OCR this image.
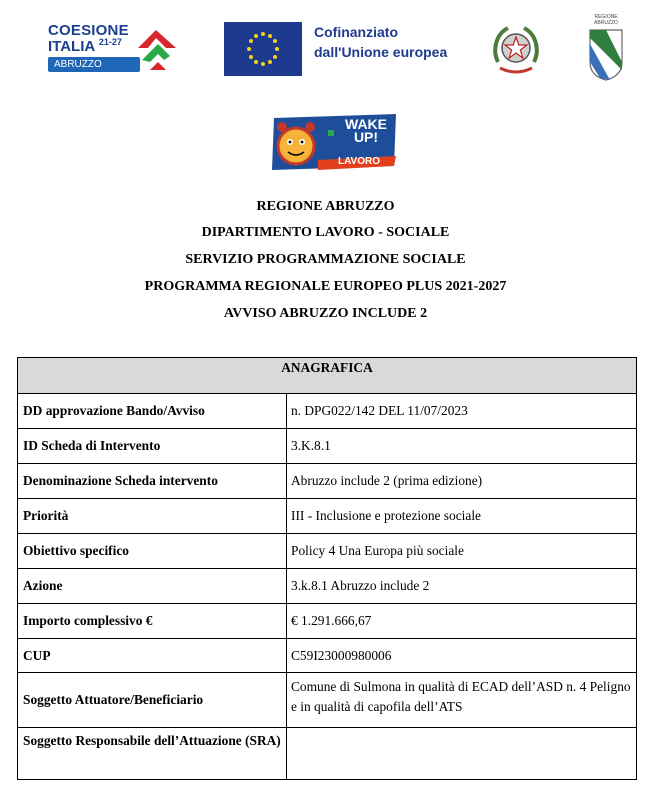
COESIONE
ITALIA $^{21-27}$
ABRUZZO
Cofinanziato
dall'Unione europea
REGIONE ABRUZZO
WAKE
UP!
LAVORO
REGIONE ABRUZZO
DIPARTIMENTO LAVORO - SOCIALE
SERVIZIO PROGRAMMAZIONE SOCIALE
PROGRAMMA REGIONALE EUROPEO PLUS 2021-2027
AVVISO ABRUZZO INCLUDE 2
ANAGRAFICA	

DD approvazione Bando/Avviso	n. DPG022/142 DEL 11/07/2023

ID Scheda di Intervento	3.K.8.1

Denominazione Scheda intervento	Abruzzo include 2 (prima edizione)

Priorità	III - Inclusione e protezione sociale

Obiettivo specifico	Policy 4 Una Europa più sociale

Azione	3.k.8.1 Abruzzo include 2

Importo complessivo €	€ 1.291.666,67

CUP	C59I23000980006

Soggetto Attuatore/Beneficiario	Comune di Sulmona in qualità di ECAD dell’ASD n. 4 Peligno e in qualità di capofila dell’ATS

Soggetto Responsabile dell’Attuazione (SRA)	
